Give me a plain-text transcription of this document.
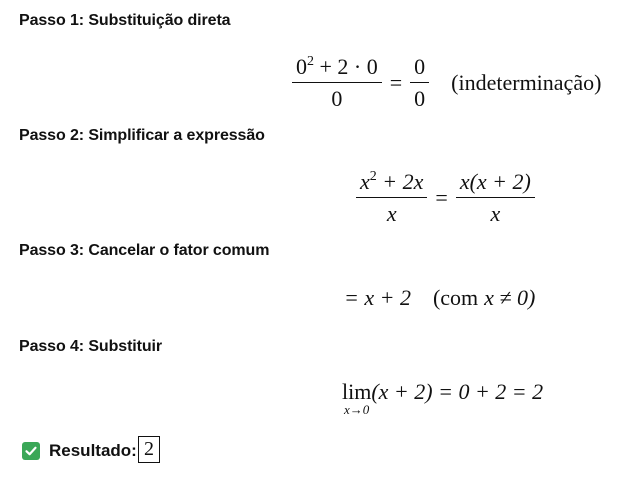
Passo 1: Substituição direta
$\frac{0^2 + 2 \cdot 0}{0} = \frac{0}{0}$	(indeterminação)
Passo 2: Simplificar a expressão
$\frac{x^2 + 2x}{x} = \frac{x(x + 2)}{x}$
Passo 3: Cancelar o fator comum
= x + 2	(com x ≠ 0)
Passo 4: Substituir
lim
x→0
(x + 2) = 0 + 2 = 2
Resultado: 2
